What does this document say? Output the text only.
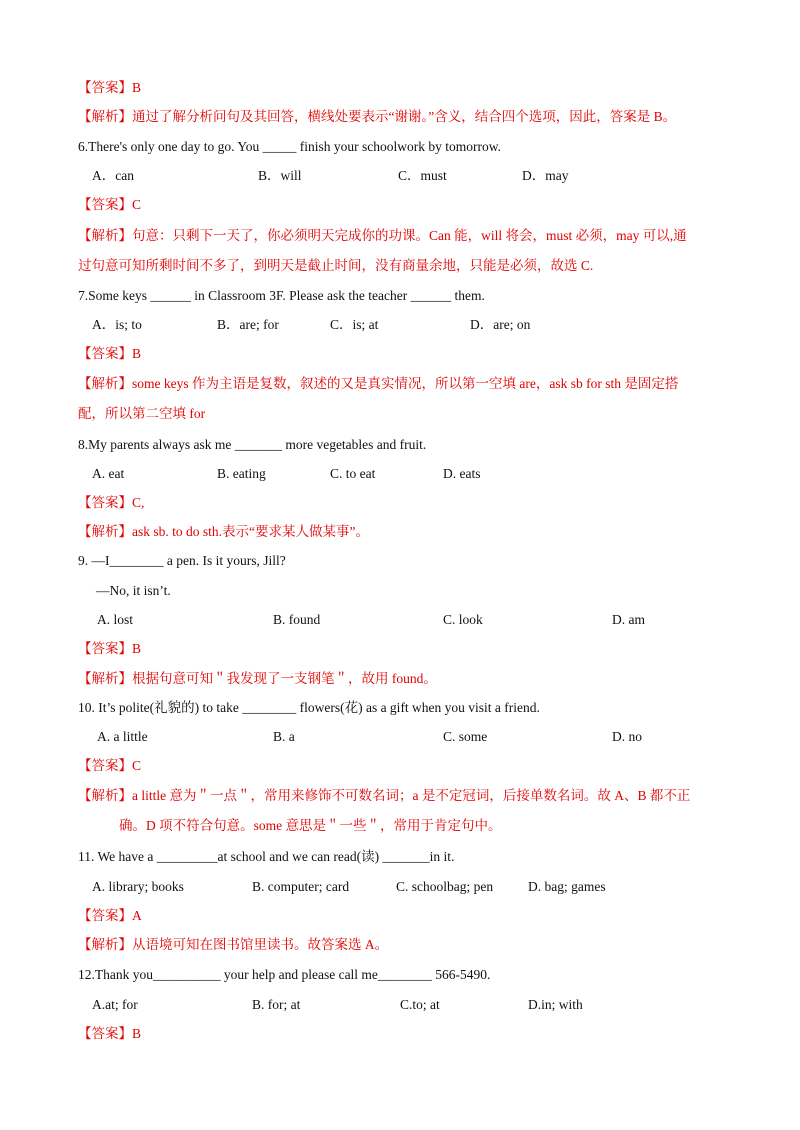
【答案】B
【解析】通过了解分析问句及其回答，横线处要表示“谢谢。”含义，结合四个选项，因此，答案是 B。
6.There's only one day to go. You _____ finish your schoolwork by tomorrow.
A．can	B．will	C．must	D．may
【答案】C
【解析】句意：只剩下一天了，你必须明天完成你的功课。Can 能，will 将会，must 必须，may 可以,通
过句意可知所剩时间不多了，到明天是截止时间，没有商量余地，只能是必须，故选 C.
7.Some keys ______ in Classroom 3F. Please ask the teacher ______ them.
A．is; to	B．are; for	C．is; at	D．are; on
【答案】B
【解析】some keys 作为主语是复数，叙述的又是真实情况，所以第一空填 are，ask sb for sth 是固定搭
配，所以第二空填 for
8.My parents always ask me _______ more vegetables and fruit.
A. eat	B. eating	C. to eat	D. eats
【答案】C,
【解析】ask sb. to do sth.表示“要求某人做某事”。
9. —I________ a pen. Is it yours, Jill?
—No, it isn’t.
A. lost	B. found	C. look	D. am
【答案】B
【解析】根据句意可知＂我发现了一支钢笔＂，故用 found。
10. It’s polite(礼貌的) to take ________ flowers(花) as a gift when you visit a friend.
A. a little	B. a	C. some	D. no
【答案】C
【解析】a little 意为＂一点＂，常用来修饰不可数名词；a 是不定冠词，后接单数名词。故 A、B 都不正
确。D 项不符合句意。some 意思是＂一些＂，常用于肯定句中。
11. We have a _________at school and we can read(读) _______in it.
A. library; books	B. computer; card	C. schoolbag; pen	D. bag; games
【答案】A
【解析】从语境可知在图书馆里读书。故答案选 A。
12.Thank you__________ your help and please call me________ 566-5490.
A.at; for	B. for; at	C.to; at	D.in; with
【答案】B
